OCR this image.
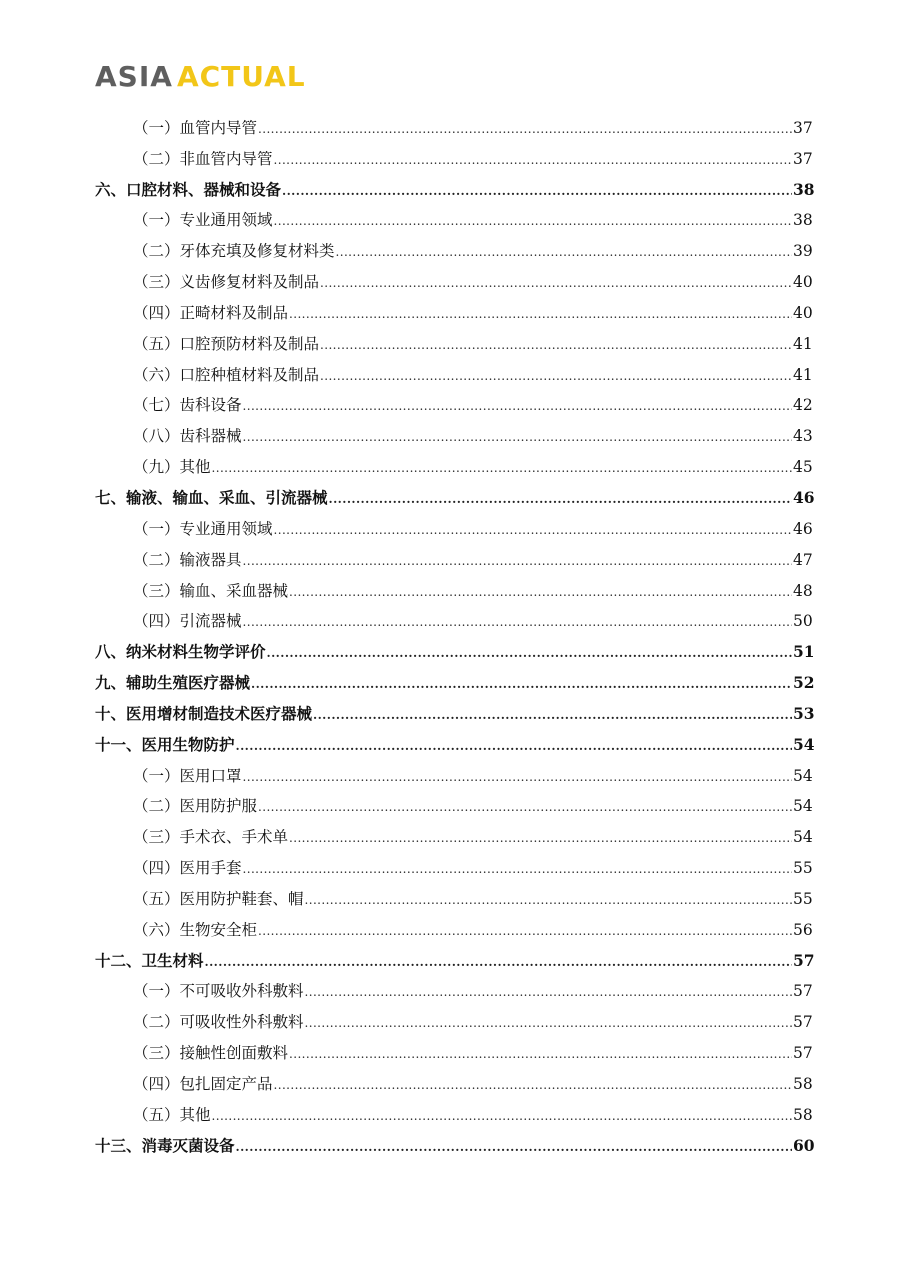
ASIA ACTUAL
（一）血管内导管 .....	37
（二）非血管内导管 .....	37
六、口腔材料、器械和设备 .....	38
（一）专业通用领域 .....	38
（二）牙体充填及修复材料类 .....	39
（三）义齿修复材料及制品 .....	40
（四）正畸材料及制品 .....	40
（五）口腔预防材料及制品 .....	41
（六）口腔种植材料及制品 .....	41
（七）齿科设备 .....	42
（八）齿科器械 .....	43
（九）其他 .....	45
七、输液、输血、采血、引流器械 .....	46
（一）专业通用领域 .....	46
（二）输液器具 .....	47
（三）输血、采血器械 .....	48
（四）引流器械 .....	50
八、纳米材料生物学评价 .....	51
九、辅助生殖医疗器械 .....	52
十、医用增材制造技术医疗器械 .....	53
十一、医用生物防护 .....	54
（一）医用口罩 .....	54
（二）医用防护服 .....	54
（三）手术衣、手术单 .....	54
（四）医用手套 .....	55
（五）医用防护鞋套、帽 .....	55
（六）生物安全柜 .....	56
十二、卫生材料 .....	57
（一）不可吸收外科敷料 .....	57
（二）可吸收性外科敷料 .....	57
（三）接触性创面敷料 .....	57
（四）包扎固定产品 .....	58
（五）其他 .....	58
十三、消毒灭菌设备 .....	60
